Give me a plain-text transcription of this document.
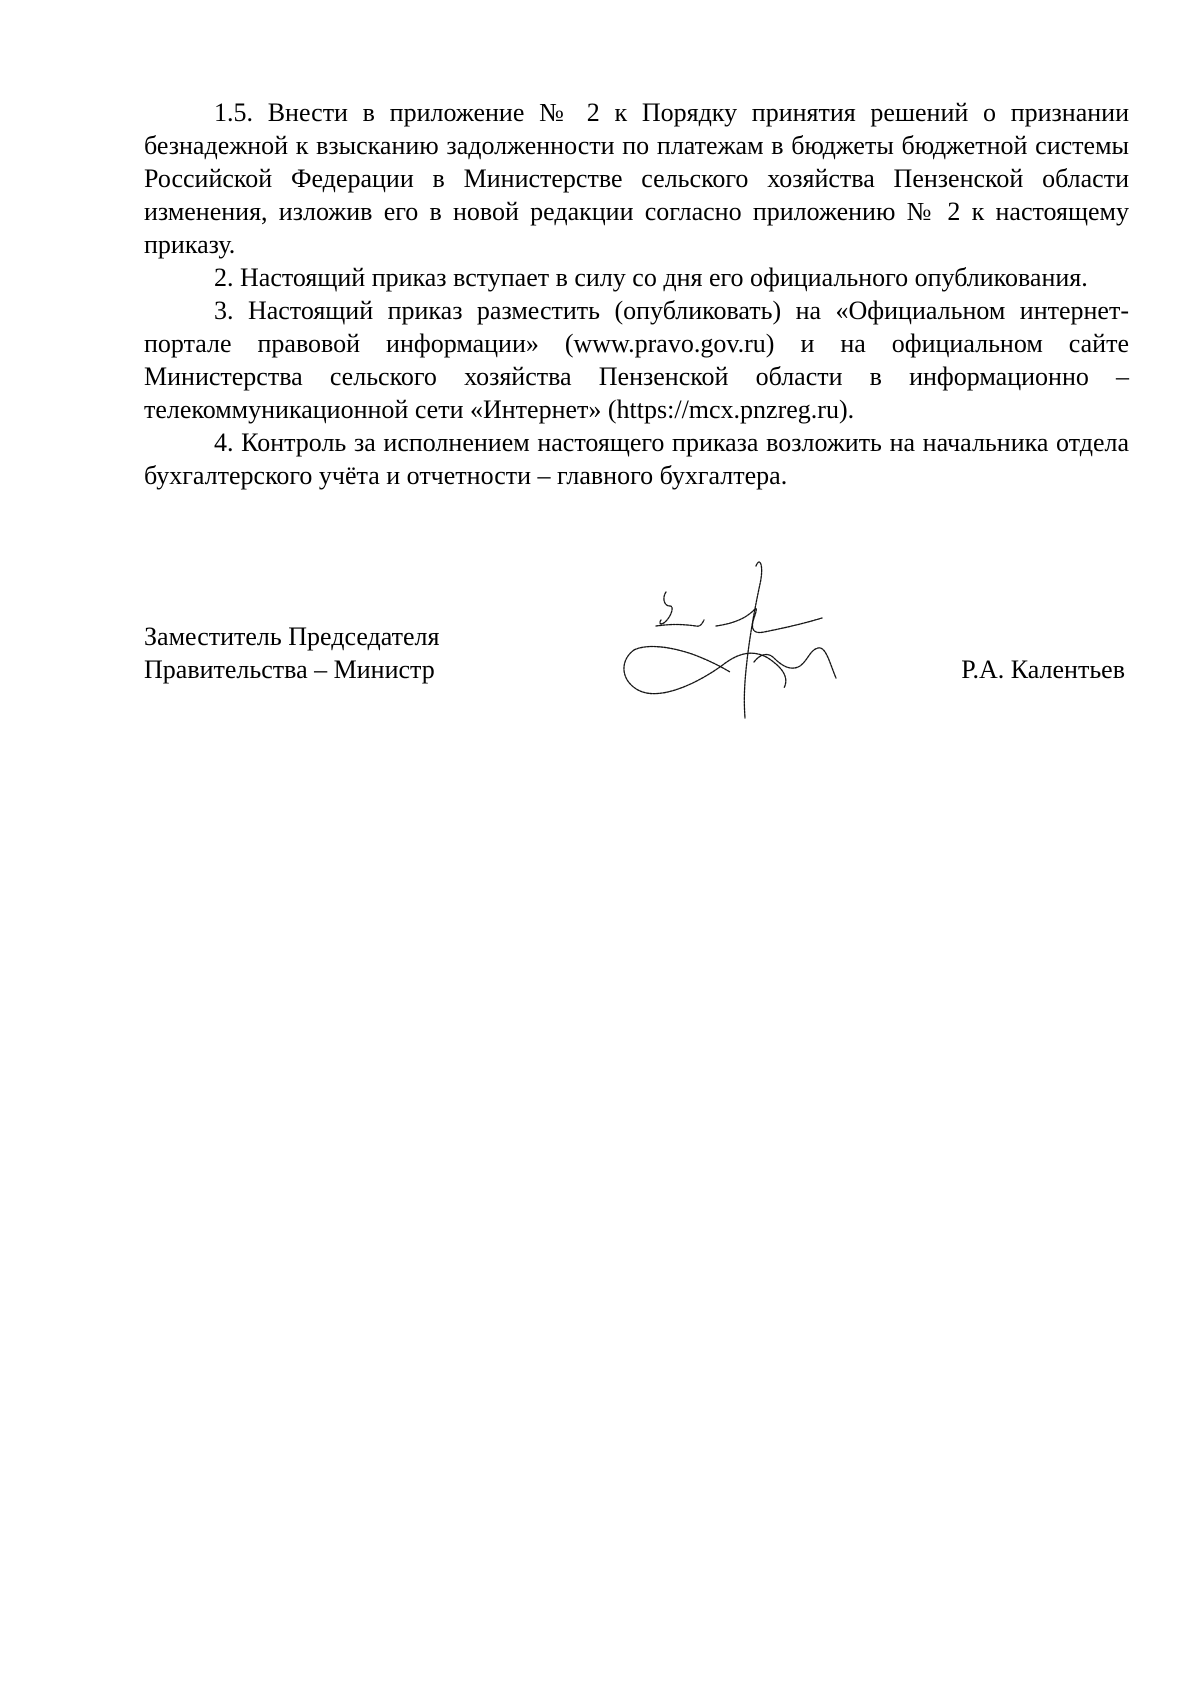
1.5. Внести в приложение № 2 к Порядку принятия решений о признании безнадежной к взысканию задолженности по платежам в бюджеты бюджетной системы Российской Федерации в Министерстве сельского хозяйства Пензенской области изменения, изложив его в новой редакции согласно приложению № 2 к настоящему приказу.

2. Настоящий приказ вступает в силу со дня его официального опубликования.

3. Настоящий приказ разместить (опубликовать) на «Официальном интернет-портале правовой информации» (www.pravo.gov.ru) и на официальном сайте Министерства сельского хозяйства Пензенской области в информационно – телекоммуникационной сети «Интернет» (https://mcx.pnzreg.ru).

4. Контроль за исполнением настоящего приказа возложить на начальника отдела бухгалтерского учёта и отчетности – главного бухгалтера.

Заместитель Председателя
Правительства – Министр	Р.А. Калентьев
